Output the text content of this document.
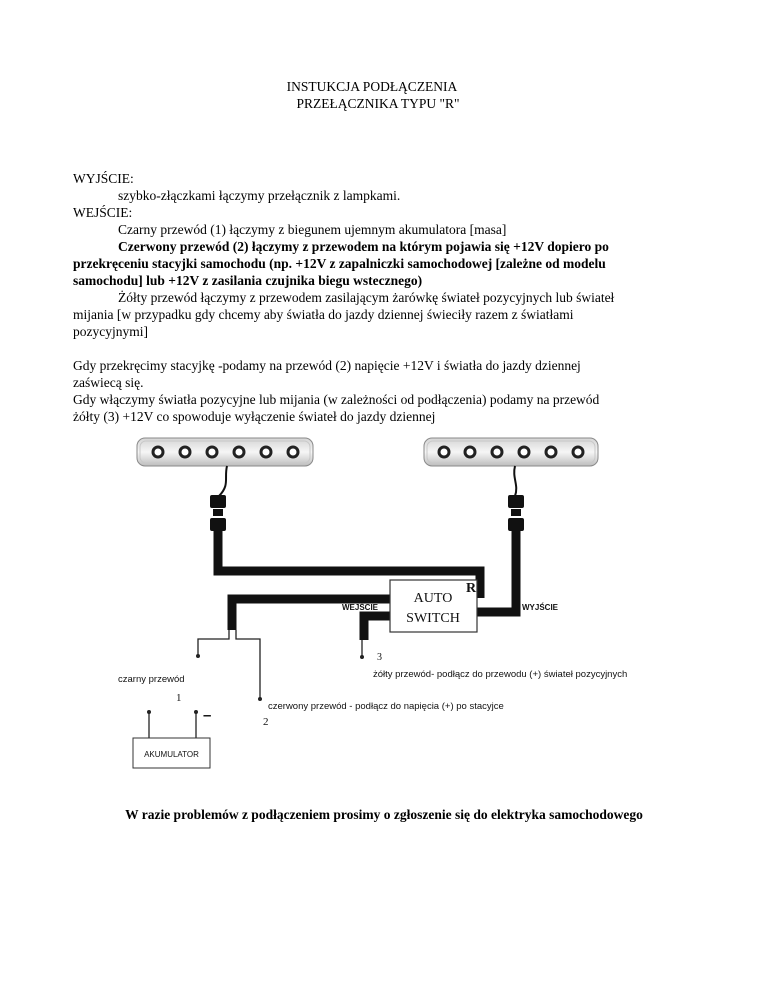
INSTUKCJA PODŁĄCZENIA
PRZEŁĄCZNIKA TYPU "R"
WYJŚCIE:
szybko-złączkami łączymy przełącznik z lampkami.
WEJŚCIE:
Czarny przewód (1) łączymy z biegunem ujemnym akumulatora [masa]
Czerwony przewód (2) łączymy z przewodem na którym pojawia się +12V dopiero po
przekręceniu stacyjki samochodu (np. +12V z zapalniczki samochodowej [zależne od modelu
samochodu] lub +12V z zasilania czujnika biegu wstecznego)
Żółty przewód łączymy z przewodem zasilającym żarówkę świateł pozycyjnych lub świateł
mijania [w przypadku gdy chcemy aby światła do jazdy dziennej świeciły razem z światłami
pozycyjnymi]
Gdy przekręcimy stacyjkę -podamy na przewód (2) napięcie +12V i światła do jazdy dziennej
zaświecą się.
Gdy włączymy światła pozycyjne lub mijania (w zależności od podłączenia) podamy na przewód
żółty (3) +12V co spowoduje wyłączenie świateł do jazdy dziennej
AUTO
SWITCH
R
WEJŚCIE	WYJŚCIE
3
żółty przewód- podłącz do przewodu (+) świateł pozycyjnych
czarny przewód
1
–
czerwony przewód - podłącz do napięcia (+) po stacyjce
2
AKUMULATOR
W razie problemów z podłączeniem prosimy o zgłoszenie się do elektryka samochodowego
